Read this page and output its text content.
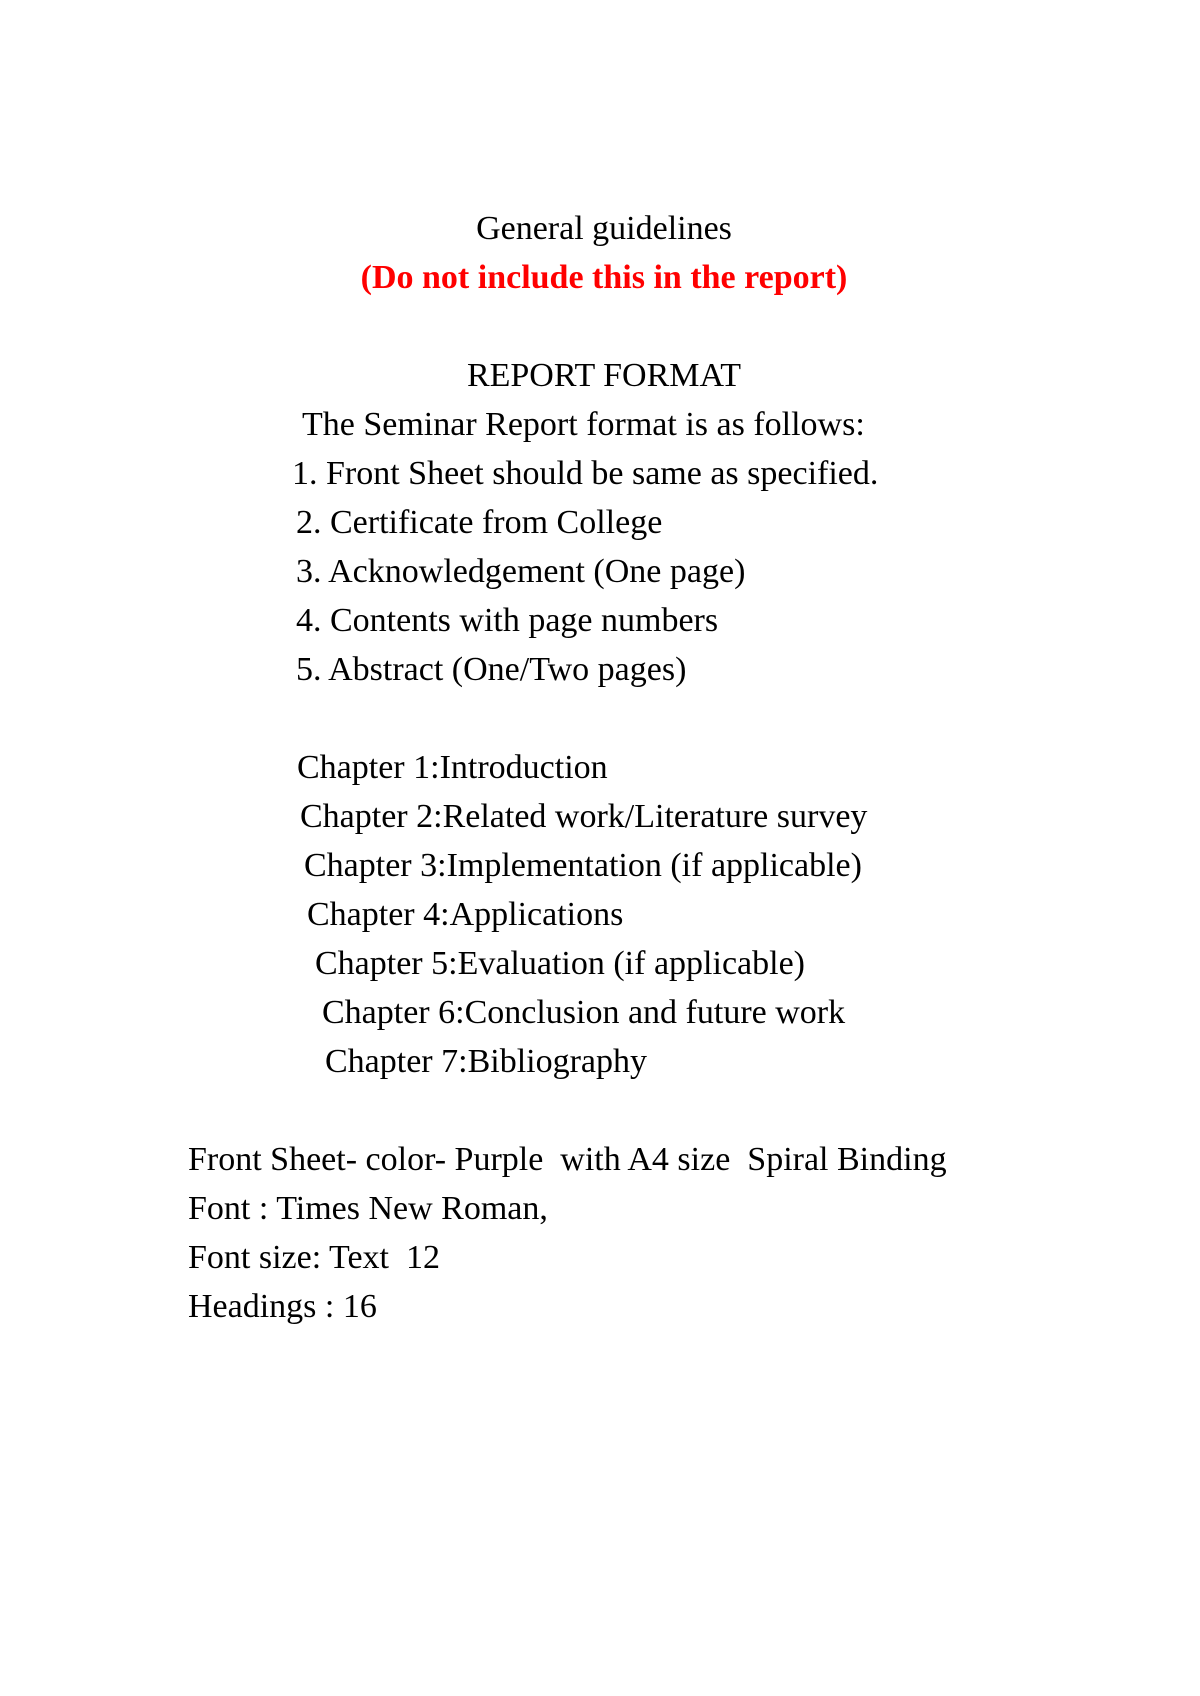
General guidelines
(Do not include this in the report)
REPORT FORMAT
The Seminar Report format is as follows:
1. Front Sheet should be same as specified.
2. Certificate from College
3. Acknowledgement (One page)
4. Contents with page numbers
5. Abstract (One/Two pages)
Chapter 1:Introduction
Chapter 2:Related work/Literature survey
Chapter 3:Implementation (if applicable)
Chapter 4:Applications
Chapter 5:Evaluation (if applicable)
Chapter 6:Conclusion and future work
Chapter 7:Bibliography
Front Sheet- color- Purple  with A4 size  Spiral Binding
Font : Times New Roman,
Font size: Text  12
Headings : 16
